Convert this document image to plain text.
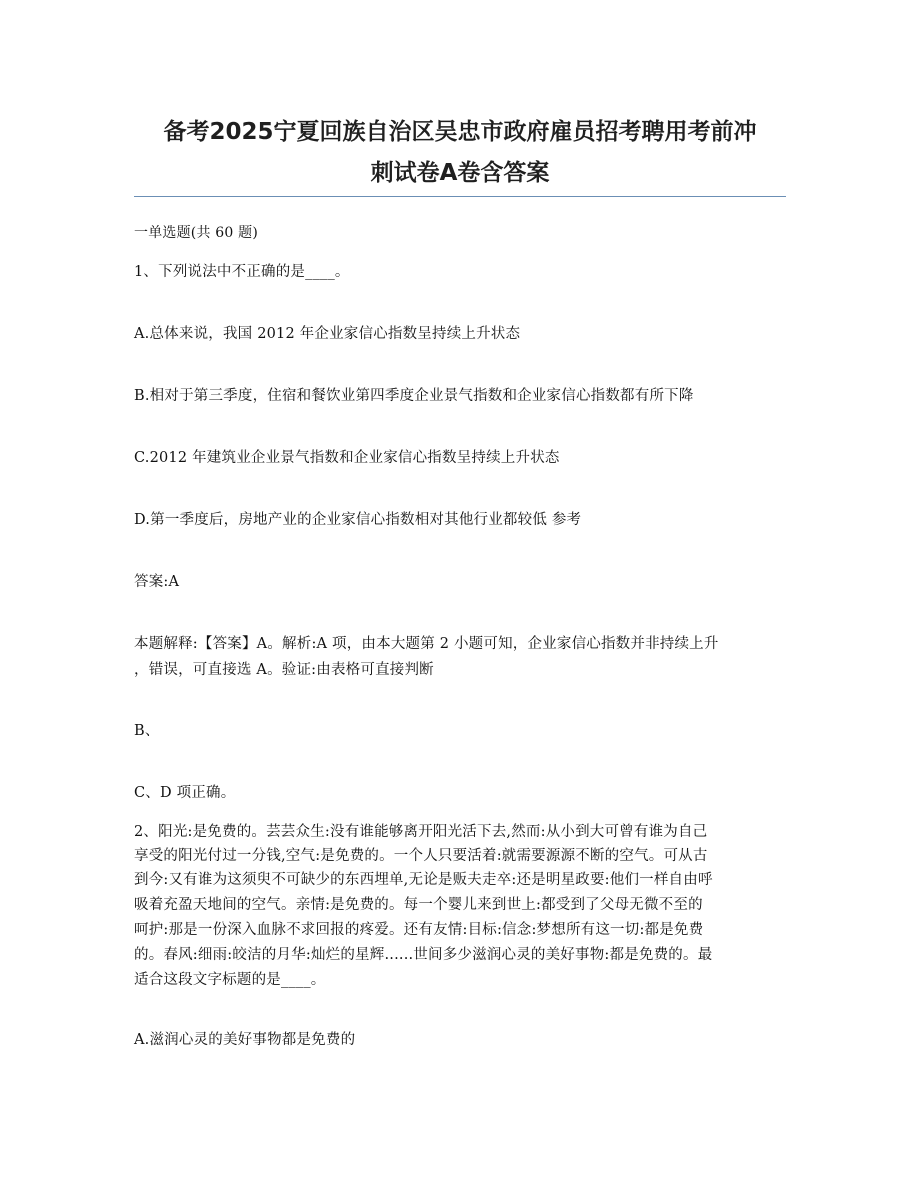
备考2025宁夏回族自治区吴忠市政府雇员招考聘用考前冲
刺试卷A卷含答案
一单选题(共 60 题)
1、下列说法中不正确的是____。
A.总体来说，我国 2012 年企业家信心指数呈持续上升状态
B.相对于第三季度，住宿和餐饮业第四季度企业景气指数和企业家信心指数都有所下降
C.2012 年建筑业企业景气指数和企业家信心指数呈持续上升状态
D.第一季度后，房地产业的企业家信心指数相对其他行业都较低 参考
答案:A
本题解释:【答案】A。解析:A 项，由本大题第 2 小题可知，企业家信心指数并非持续上升
，错误，可直接选 A。验证:由表格可直接判断
B、
C、D 项正确。
2、阳光:是免费的。芸芸众生:没有谁能够离开阳光活下去,然而:从小到大可曾有谁为自己
享受的阳光付过一分钱,空气:是免费的。一个人只要活着:就需要源源不断的空气。可从古
到今:又有谁为这须臾不可缺少的东西埋单,无论是贩夫走卒:还是明星政要:他们一样自由呼
吸着充盈天地间的空气。亲情:是免费的。每一个婴儿来到世上:都受到了父母无微不至的
呵护:那是一份深入血脉不求回报的疼爱。还有友情:目标:信念:梦想所有这一切:都是免费
的。春风:细雨:皎洁的月华:灿烂的星辉......世间多少滋润心灵的美好事物:都是免费的。最
适合这段文字标题的是____。
A.滋润心灵的美好事物都是免费的
